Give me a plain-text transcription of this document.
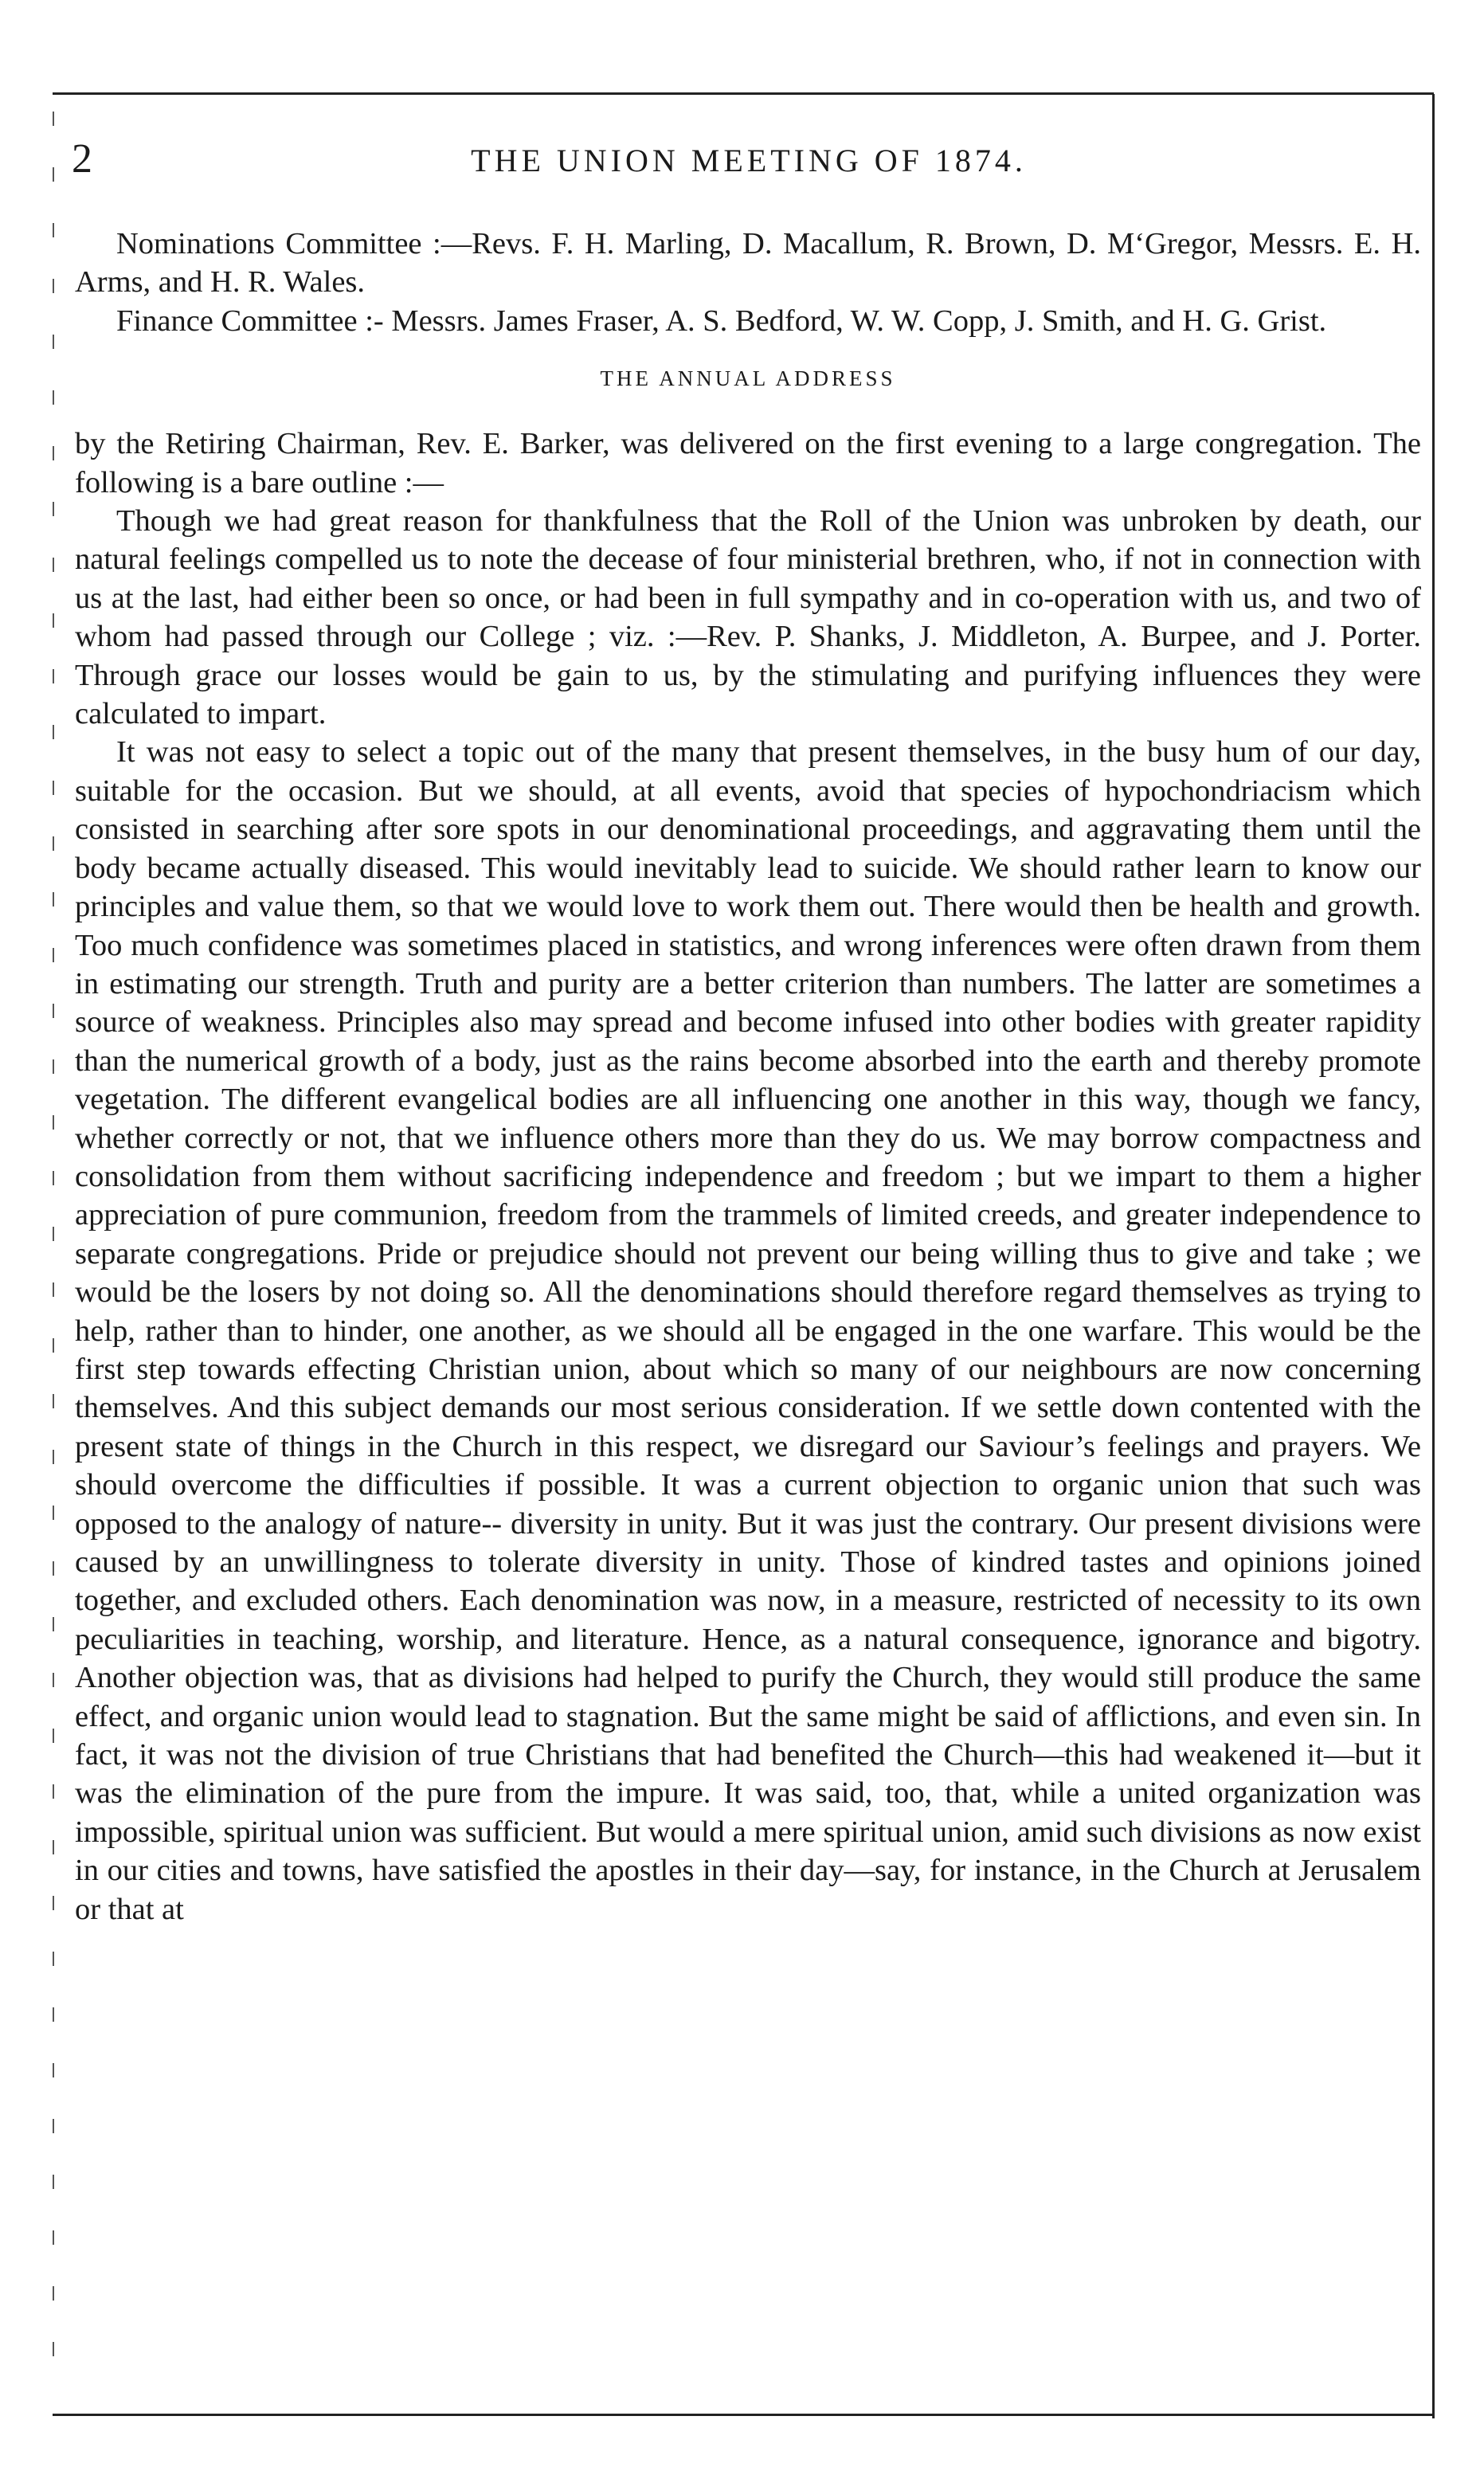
2	THE UNION MEETING OF 1874.

Nominations Committee :—Revs. F. H. Marling, D. Macallum, R. Brown, D. M‘Gregor, Messrs. E. H. Arms, and H. R. Wales.

Finance Committee :- Messrs. James Fraser, A. S. Bedford, W. W. Copp, J. Smith, and H. G. Grist.

THE ANNUAL ADDRESS

by the Retiring Chairman, Rev. E. Barker, was delivered on the first evening to a large congregation. The following is a bare outline :—

Though we had great reason for thankfulness that the Roll of the Union was unbroken by death, our natural feelings compelled us to note the decease of four ministerial brethren, who, if not in connection with us at the last, had either been so once, or had been in full sympathy and in co-operation with us, and two of whom had passed through our College ; viz. :—Rev. P. Shanks, J. Middleton, A. Burpee, and J. Porter. Through grace our losses would be gain to us, by the stimulating and purifying influences they were calculated to impart.

It was not easy to select a topic out of the many that present themselves, in the busy hum of our day, suitable for the occasion. But we should, at all events, avoid that species of hypochondriacism which consisted in searching after sore spots in our denominational proceedings, and aggravating them until the body became actually diseased. This would inevitably lead to suicide. We should rather learn to know our principles and value them, so that we would love to work them out. There would then be health and growth. Too much confidence was sometimes placed in statistics, and wrong inferences were often drawn from them in estimating our strength. Truth and purity are a better criterion than numbers. The latter are sometimes a source of weakness. Principles also may spread and become infused into other bodies with greater rapidity than the numerical growth of a body, just as the rains become absorbed into the earth and thereby promote vegetation. The different evangelical bodies are all influencing one another in this way, though we fancy, whether correctly or not, that we influence others more than they do us. We may borrow compactness and consolidation from them without sacrificing independence and freedom ; but we impart to them a higher appreciation of pure communion, freedom from the trammels of limited creeds, and greater independence to separate congregations. Pride or prejudice should not prevent our being willing thus to give and take ; we would be the losers by not doing so. All the denominations should therefore regard themselves as trying to help, rather than to hinder, one another, as we should all be engaged in the one warfare. This would be the first step towards effecting Christian union, about which so many of our neighbours are now concerning themselves. And this subject demands our most serious consideration. If we settle down contented with the present state of things in the Church in this respect, we disregard our Saviour’s feelings and prayers. We should overcome the difficulties if possible. It was a current objection to organic union that such was opposed to the analogy of nature-- diversity in unity. But it was just the contrary. Our present divisions were caused by an unwillingness to tolerate diversity in unity. Those of kindred tastes and opinions joined together, and excluded others. Each denomination was now, in a measure, restricted of necessity to its own peculiarities in teaching, worship, and literature. Hence, as a natural consequence, ignorance and bigotry. Another objection was, that as divisions had helped to purify the Church, they would still produce the same effect, and organic union would lead to stagnation. But the same might be said of afflictions, and even sin. In fact, it was not the division of true Christians that had benefited the Church—this had weakened it—but it was the elimination of the pure from the impure. It was said, too, that, while a united organization was impossible, spiritual union was sufficient. But would a mere spiritual union, amid such divisions as now exist in our cities and towns, have satisfied the apostles in their day—say, for instance, in the Church at Jerusalem or that at
